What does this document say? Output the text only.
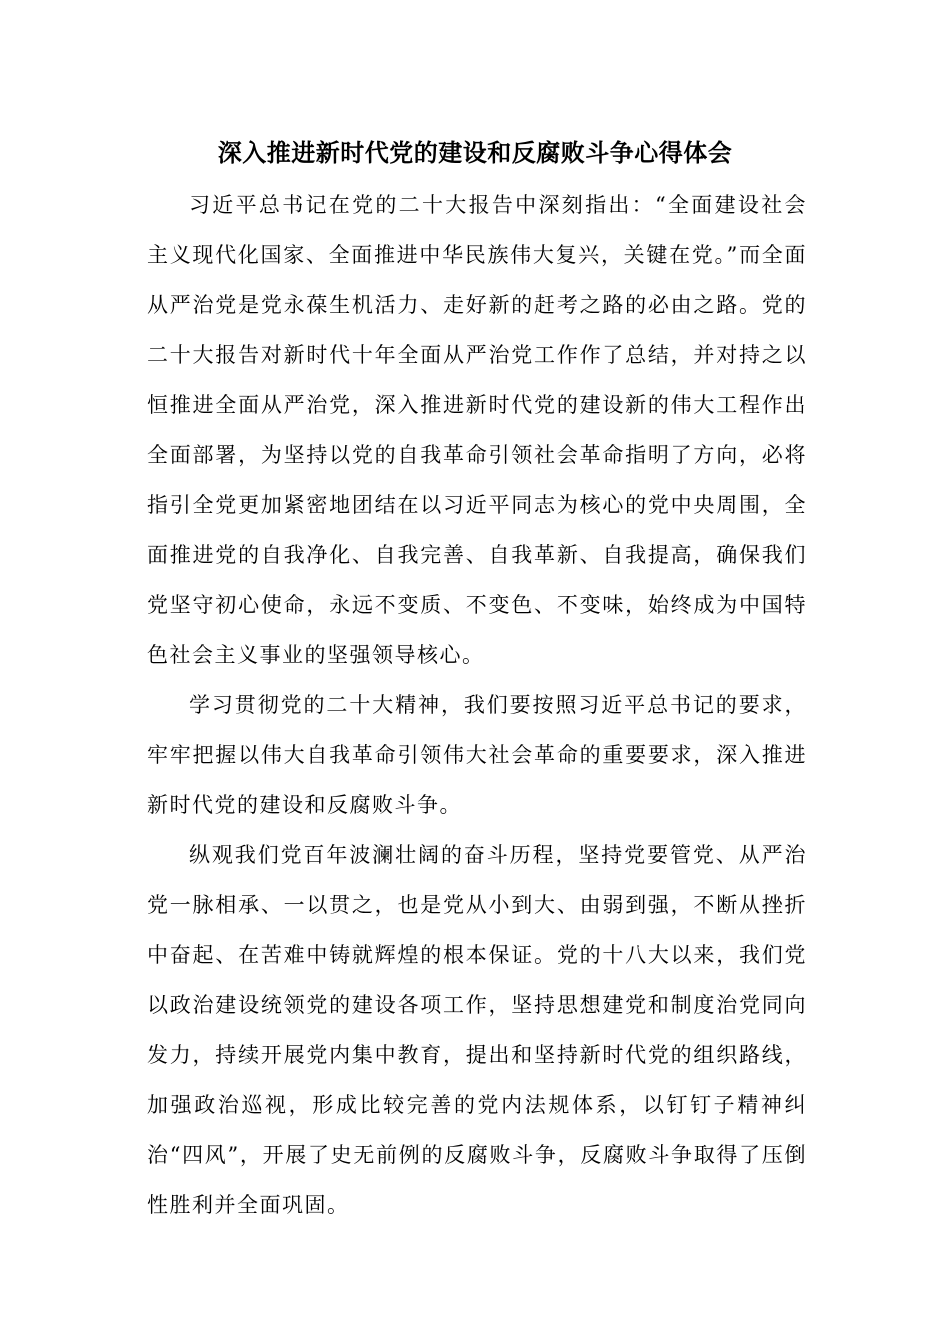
深入推进新时代党的建设和反腐败斗争心得体会

习近平总书记在党的二十大报告中深刻指出：“全面建设社会主义现代化国家、全面推进中华民族伟大复兴，关键在党。”而全面从严治党是党永葆生机活力、走好新的赶考之路的必由之路。党的二十大报告对新时代十年全面从严治党工作作了总结，并对持之以恒推进全面从严治党，深入推进新时代党的建设新的伟大工程作出全面部署，为坚持以党的自我革命引领社会革命指明了方向，必将指引全党更加紧密地团结在以习近平同志为核心的党中央周围，全面推进党的自我净化、自我完善、自我革新、自我提高，确保我们党坚守初心使命，永远不变质、不变色、不变味，始终成为中国特色社会主义事业的坚强领导核心。

学习贯彻党的二十大精神，我们要按照习近平总书记的要求，牢牢把握以伟大自我革命引领伟大社会革命的重要要求，深入推进新时代党的建设和反腐败斗争。

纵观我们党百年波澜壮阔的奋斗历程，坚持党要管党、从严治党一脉相承、一以贯之，也是党从小到大、由弱到强，不断从挫折中奋起、在苦难中铸就辉煌的根本保证。党的十八大以来，我们党以政治建设统领党的建设各项工作，坚持思想建党和制度治党同向发力，持续开展党内集中教育，提出和坚持新时代党的组织路线，加强政治巡视，形成比较完善的党内法规体系，以钉钉子精神纠治“四风”，开展了史无前例的反腐败斗争，反腐败斗争取得了压倒性胜利并全面巩固。
